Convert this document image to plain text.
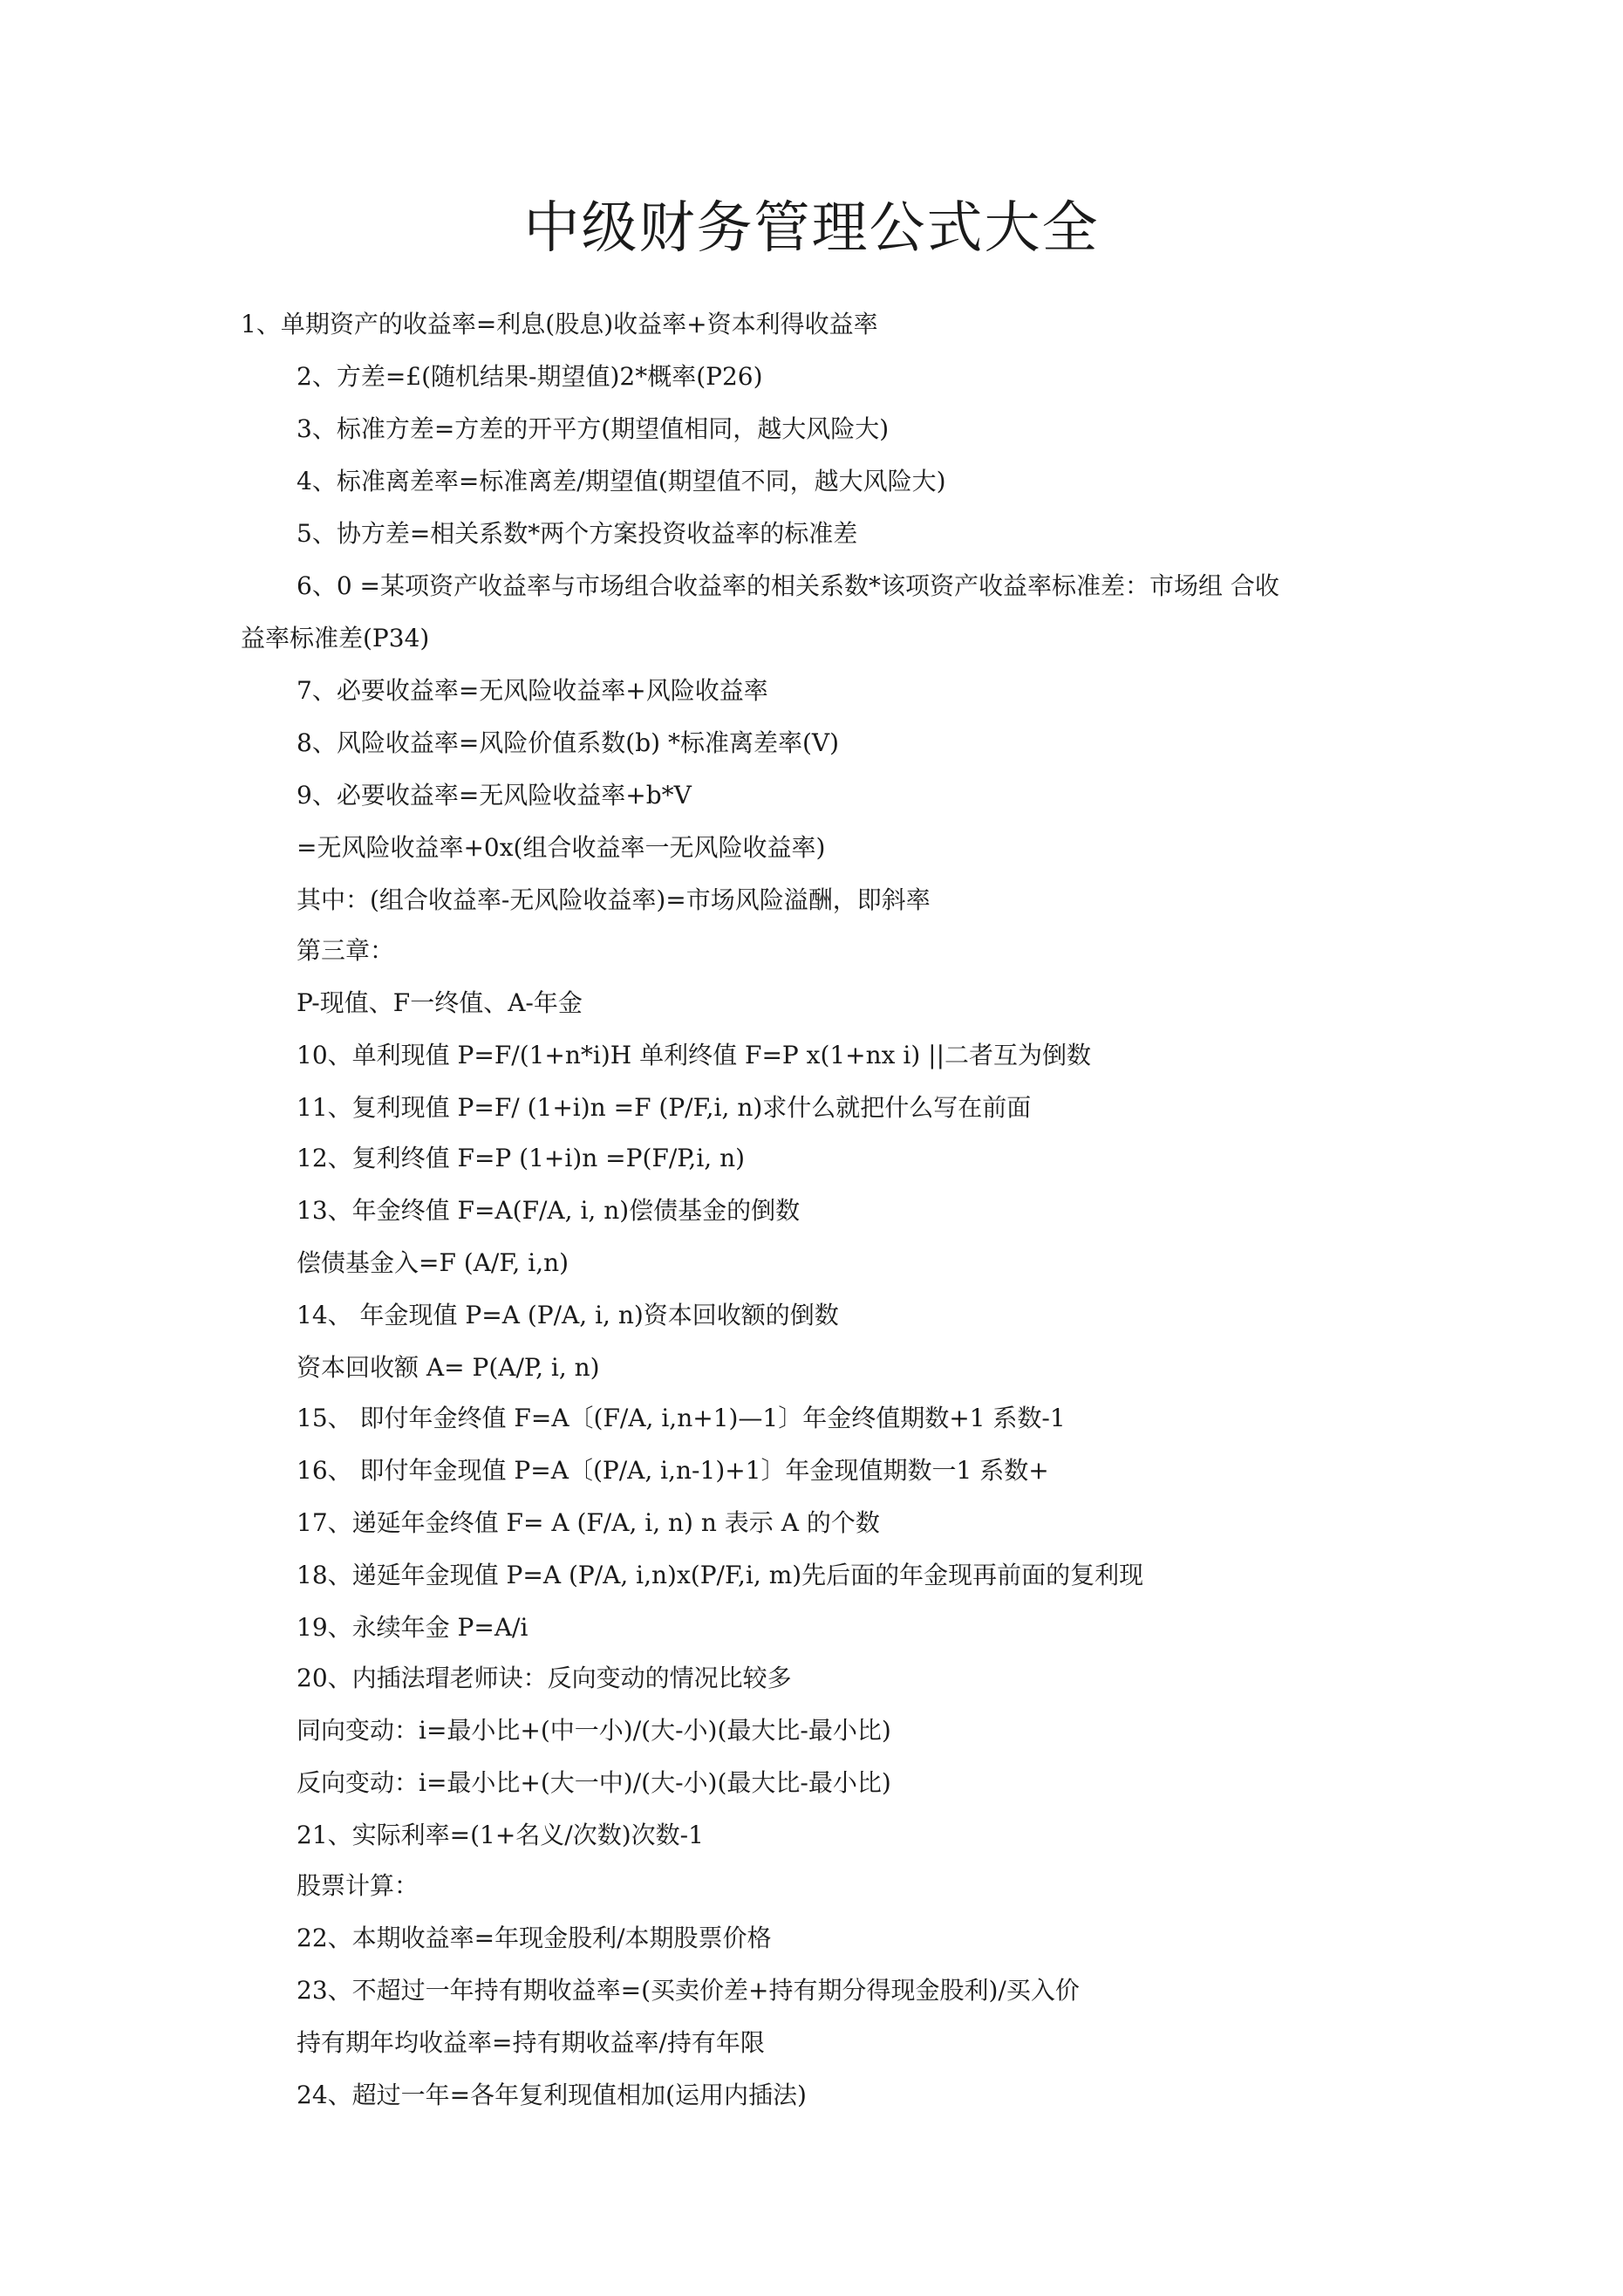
中级财务管理公式大全
1、单期资产的收益率=利息(股息)收益率+资本利得收益率
2、方差=£(随机结果-期望值)2*概率(P26)
3、标准方差=方差的开平方(期望值相同，越大风险大)
4、标准离差率=标准离差/期望值(期望值不同，越大风险大)
5、协方差=相关系数*两个方案投资收益率的标准差
6、0 =某项资产收益率与市场组合收益率的相关系数*该项资产收益率标准差：市场组 合收
益率标准差(P34)
7、必要收益率=无风险收益率+风险收益率
8、风险收益率=风险价值系数(b) *标准离差率(V)
9、必要收益率=无风险收益率+b*V
=无风险收益率+0x(组合收益率一无风险收益率)
其中：(组合收益率-无风险收益率)=市场风险溢酬，即斜率
第三章：
P-现值、F一终值、A-年金
10、单利现值 P=F/(1+n*i)H 单利终值 F=P x(1+nx i) ||二者互为倒数
11、复利现值 P=F/ (1+i)n =F (P/F,i, n)求什么就把什么写在前面
12、复利终值 F=P (1+i)n =P(F/P,i, n)
13、年金终值 F=A(F/A, i, n)偿债基金的倒数
偿债基金入=F (A/F, i,n)
14、 年金现值 P=A (P/A, i, n)资本回收额的倒数
资本回收额 A= P(A/P, i, n)
15、 即付年金终值 F=A〔(F/A, i,n+1)—1〕年金终值期数+1 系数-1
16、 即付年金现值 P=A〔(P/A, i,n-1)+1〕年金现值期数一1 系数+
17、递延年金终值 F= A (F/A, i, n) n 表示 A 的个数
18、递延年金现值 P=A (P/A, i,n)x(P/F,i, m)先后面的年金现再前面的复利现
19、永续年金 P=A/i
20、内插法瑁老师诀：反向变动的情况比较多
同向变动：i=最小比+(中一小)/(大-小)(最大比-最小比)
反向变动：i=最小比+(大一中)/(大-小)(最大比-最小比)
21、实际利率=(1+名义/次数)次数-1
股票计算：
22、本期收益率=年现金股利/本期股票价格
23、不超过一年持有期收益率=(买卖价差+持有期分得现金股利)/买入价
持有期年均收益率=持有期收益率/持有年限
24、超过一年=各年复利现值相加(运用内插法)
